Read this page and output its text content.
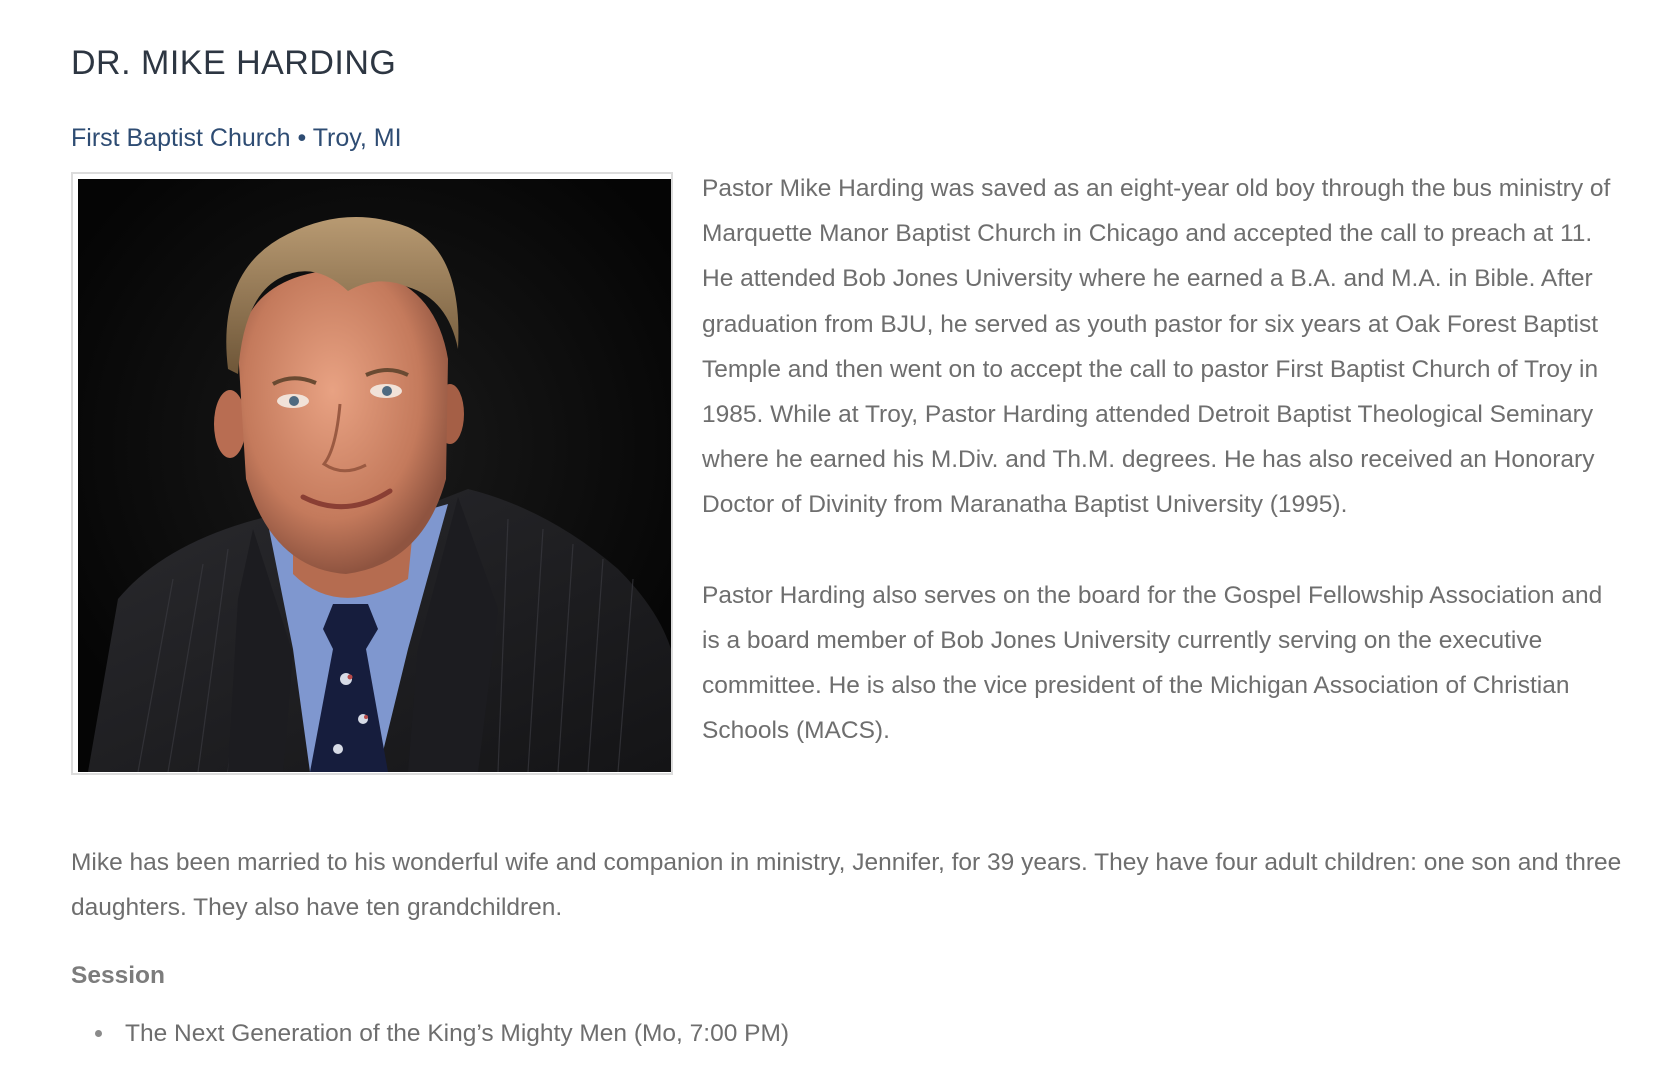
DR. MIKE HARDING
First Baptist Church • Troy, MI

Pastor Mike Harding was saved as an eight-year old boy through the bus ministry of Marquette Manor Baptist Church in Chicago and accepted the call to preach at 11. He attended Bob Jones University where he earned a B.A. and M.A. in Bible. After graduation from BJU, he served as youth pastor for six years at Oak Forest Baptist Temple and then went on to accept the call to pastor First Baptist Church of Troy in 1985. While at Troy, Pastor Harding attended Detroit Baptist Theological Seminary where he earned his M.Div. and Th.M. degrees. He has also received an Honorary Doctor of Divinity from Maranatha Baptist University (1995).

Pastor Harding also serves on the board for the Gospel Fellowship Association and is a board member of Bob Jones University currently serving on the executive committee. He is also the vice president of the Michigan Association of Christian Schools (MACS).

Mike has been married to his wonderful wife and companion in ministry, Jennifer, for 39 years. They have four adult children: one son and three daughters. They also have ten grandchildren.

Session
The Next Generation of the King’s Mighty Men (Mo, 7:00 PM)
